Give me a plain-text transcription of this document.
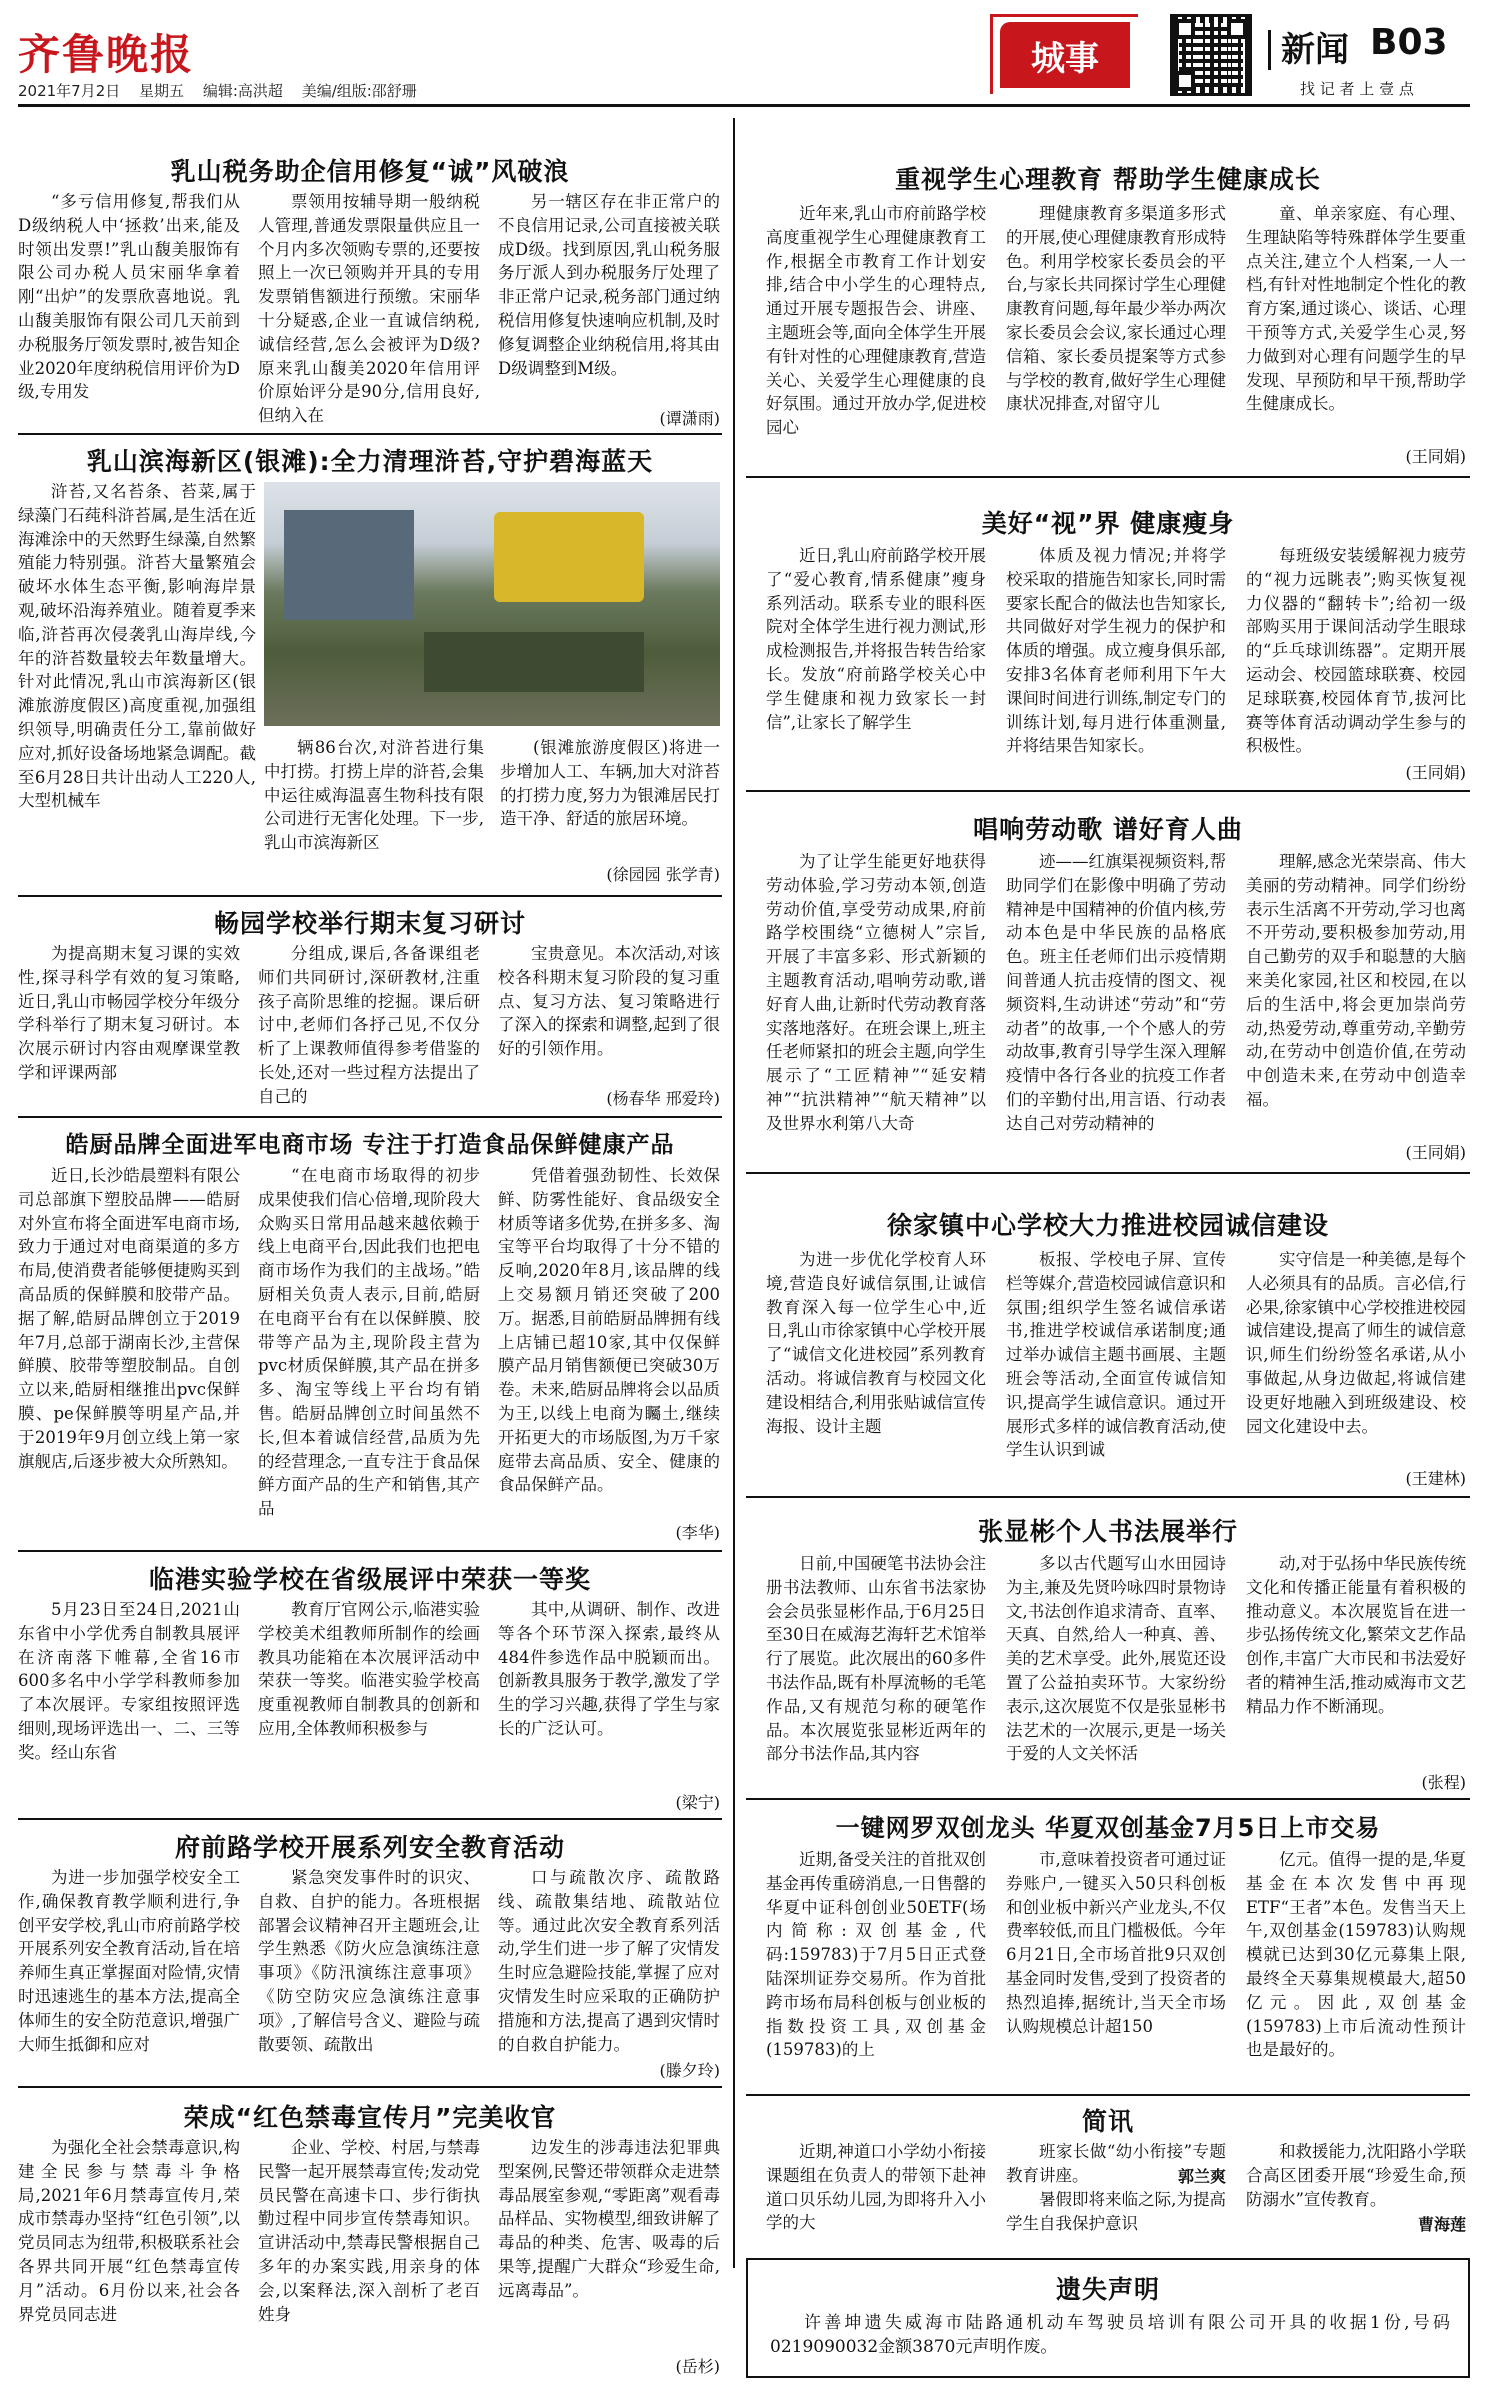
齐鲁晚报
2021年7月2日 星期五 编辑:高洪超 美编/组版:邵舒珊
城事	新闻 B03
找 记 者 上 壹 点
乳山税务助企信用修复“诚”风破浪

“多亏信用修复,帮我们从D级纳税人中‘拯救’出来,能及时领出发票!”乳山馥美服饰有限公司办税人员宋丽华拿着刚“出炉”的发票欣喜地说。乳山馥美服饰有限公司几天前到办税服务厅领发票时,被告知企业2020年度纳税信用评价为D级,专用发

票领用按辅导期一般纳税人管理,普通发票限量供应且一个月内多次领购专票的,还要按照上一次已领购并开具的专用发票销售额进行预缴。宋丽华十分疑惑,企业一直诚信纳税,诚信经营,怎么会被评为D级?原来乳山馥美2020年信用评价原始评分是90分,信用良好,但纳入在

另一辖区存在非正常户的不良信用记录,公司直接被关联成D级。找到原因,乳山税务服务厅派人到办税服务厅处理了非正常户记录,税务部门通过纳税信用修复快速响应机制,及时修复调整企业纳税信用,将其由D级调整到M级。

(谭潇雨)
乳山滨海新区(银滩):全力清理浒苔,守护碧海蓝天

浒苔,又名苔条、苔菜,属于绿藻门石莼科浒苔属,是生活在近海滩涂中的天然野生绿藻,自然繁殖能力特别强。浒苔大量繁殖会破坏水体生态平衡,影响海岸景观,破坏沿海养殖业。随着夏季来临,浒苔再次侵袭乳山海岸线,今年的浒苔数量较去年数量增大。针对此情况,乳山市滨海新区(银滩旅游度假区)高度重视,加强组织领导,明确责任分工,靠前做好应对,抓好设备场地紧急调配。截至6月28日共计出动人工220人,大型机械车

辆86台次,对浒苔进行集中打捞。打捞上岸的浒苔,会集中运往威海温喜生物科技有限公司进行无害化处理。下一步,乳山市滨海新区

(银滩旅游度假区)将进一步增加人工、车辆,加大对浒苔的打捞力度,努力为银滩居民打造干净、舒适的旅居环境。

(徐园园 张学青)
畅园学校举行期末复习研讨

为提高期末复习课的实效性,探寻科学有效的复习策略,近日,乳山市畅园学校分年级分学科举行了期末复习研讨。本次展示研讨内容由观摩课堂教学和评课两部

分组成,课后,各备课组老师们共同研讨,深研教材,注重孩子高阶思维的挖掘。课后研讨中,老师们各抒己见,不仅分析了上课教师值得参考借鉴的长处,还对一些过程方法提出了自己的

宝贵意见。本次活动,对该校各科期末复习阶段的复习重点、复习方法、复习策略进行了深入的探索和调整,起到了很好的引领作用。

(杨春华 邢爱玲)
皓厨品牌全面进军电商市场 专注于打造食品保鲜健康产品

近日,长沙皓晨塑料有限公司总部旗下塑胶品牌——皓厨对外宣布将全面进军电商市场,致力于通过对电商渠道的多方布局,使消费者能够便捷购买到高品质的保鲜膜和胶带产品。据了解,皓厨品牌创立于2019年7月,总部于湖南长沙,主营保鲜膜、胶带等塑胶制品。自创立以来,皓厨相继推出pvc保鲜膜、pe保鲜膜等明星产品,并于2019年9月创立线上第一家旗舰店,后逐步被大众所熟知。

“在电商市场取得的初步成果使我们信心倍增,现阶段大众购买日常用品越来越依赖于线上电商平台,因此我们也把电商市场作为我们的主战场。”皓厨相关负责人表示,目前,皓厨在电商平台有在以保鲜膜、胶带等产品为主,现阶段主营为pvc材质保鲜膜,其产品在拼多多、淘宝等线上平台均有销售。皓厨品牌创立时间虽然不长,但本着诚信经营,品质为先的经营理念,一直专注于食品保鲜方面产品的生产和销售,其产品

凭借着强劲韧性、长效保鲜、防雾性能好、食品级安全材质等诸多优势,在拼多多、淘宝等平台均取得了十分不错的反响,2020年8月,该品牌的线上交易额月销还突破了200万。据悉,目前皓厨品牌拥有线上店铺已超10家,其中仅保鲜膜产品月销售额便已突破30万卷。未来,皓厨品牌将会以品质为王,以线上电商为矚土,继续开拓更大的市场版图,为万千家庭带去高品质、安全、健康的食品保鲜产品。

(李华)
临港实验学校在省级展评中荣获一等奖

5月23日至24日,2021山东省中小学优秀自制教具展评在济南落下帷幕,全省16市600多名中小学学科教师参加了本次展评。专家组按照评选细则,现场评选出一、二、三等奖。经山东省

教育厅官网公示,临港实验学校美术组教师所制作的绘画教具功能箱在本次展评活动中荣获一等奖。临港实验学校高度重视教师自制教具的创新和应用,全体教师积极参与

其中,从调研、制作、改进等各个环节深入探索,最终从484件参选作品中脱颖而出。创新教具服务于教学,激发了学生的学习兴趣,获得了学生与家长的广泛认可。

(梁宁)
府前路学校开展系列安全教育活动

为进一步加强学校安全工作,确保教育教学顺利进行,争创平安学校,乳山市府前路学校开展系列安全教育活动,旨在培养师生真正掌握面对险情,灾情时迅速逃生的基本方法,提高全体师生的安全防范意识,增强广大师生抵御和应对

紧急突发事件时的识灾、自救、自护的能力。各班根据部署会议精神召开主题班会,让学生熟悉《防火应急演练注意事项》《防汛演练注意事项》《防空防灾应急演练注意事项》,了解信号含义、避险与疏散要领、疏散出

口与疏散次序、疏散路线、疏散集结地、疏散站位等。通过此次安全教育系列活动,学生们进一步了解了灾情发生时应急避险技能,掌握了应对灾情发生时应采取的正确防护措施和方法,提高了遇到灾情时的自救自护能力。

(滕夕玲)
荣成“红色禁毒宣传月”完美收官

为强化全社会禁毒意识,构建全民参与禁毒斗争格局,2021年6月禁毒宣传月,荣成市禁毒办坚持“红色引领”,以党员同志为纽带,积极联系社会各界共同开展“红色禁毒宣传月”活动。6月份以来,社会各界党员同志进

企业、学校、村居,与禁毒民警一起开展禁毒宣传;发动党员民警在高速卡口、步行街执勤过程中同步宣传禁毒知识。宣讲活动中,禁毒民警根据自己多年的办案实践,用亲身的体会,以案释法,深入剖析了老百姓身

边发生的涉毒违法犯罪典型案例,民警还带领群众走进禁毒品展室参观,“零距离”观看毒品样品、实物模型,细致讲解了毒品的种类、危害、吸毒的后果等,提醒广大群众“珍爱生命,远离毒品”。

(岳杉)
重视学生心理教育 帮助学生健康成长

近年来,乳山市府前路学校高度重视学生心理健康教育工作,根据全市教育工作计划安排,结合中小学生的心理特点,通过开展专题报告会、讲座、主题班会等,面向全体学生开展有针对性的心理健康教育,营造关心、关爱学生心理健康的良好氛围。通过开放办学,促进校园心

理健康教育多渠道多形式的开展,使心理健康教育形成特色。利用学校家长委员会的平台,与家长共同探讨学生心理健康教育问题,每年最少举办两次家长委员会会议,家长通过心理信箱、家长委员提案等方式参与学校的教育,做好学生心理健康状况排查,对留守儿

童、单亲家庭、有心理、生理缺陷等特殊群体学生要重点关注,建立个人档案,一人一档,有针对性地制定个性化的教育方案,通过谈心、谈话、心理干预等方式,关爱学生心灵,努力做到对心理有问题学生的早发现、早预防和早干预,帮助学生健康成长。

(王同娟)
美好“视”界 健康瘦身

近日,乳山府前路学校开展了“爱心教育,情系健康”瘦身系列活动。联系专业的眼科医院对全体学生进行视力测试,形成检测报告,并将报告转告给家长。发放“府前路学校关心中学生健康和视力致家长一封信”,让家长了解学生

体质及视力情况;并将学校采取的措施告知家长,同时需要家长配合的做法也告知家长,共同做好对学生视力的保护和体质的增强。成立瘦身俱乐部,安排3名体育老师利用下午大课间时间进行训练,制定专门的训练计划,每月进行体重测量,并将结果告知家长。

每班级安装缓解视力疲劳的“视力远眺表”;购买恢复视力仪器的“翻转卡”;给初一级部购买用于课间活动学生眼球的“乒乓球训练器”。定期开展运动会、校园篮球联赛、校园足球联赛,校园体育节,拔河比赛等体育活动调动学生参与的积极性。

(王同娟)
唱响劳动歌 谱好育人曲

为了让学生能更好地获得劳动体验,学习劳动本领,创造劳动价值,享受劳动成果,府前路学校围绕“立德树人”宗旨,开展了丰富多彩、形式新颖的主题教育活动,唱响劳动歌,谱好育人曲,让新时代劳动教育落实落地落好。在班会课上,班主任老师紧扣的班会主题,向学生展示了“工匠精神”“延安精神”“抗洪精神”“航天精神”以及世界水利第八大奇

迹——红旗渠视频资料,帮助同学们在影像中明确了劳动精神是中国精神的价值内核,劳动本色是中华民族的品格底色。班主任老师们出示疫情期间普通人抗击疫情的图文、视频资料,生动讲述“劳动”和“劳动者”的故事,一个个感人的劳动故事,教育引导学生深入理解疫情中各行各业的抗疫工作者们的辛勤付出,用言语、行动表达自己对劳动精神的

理解,感念光荣崇高、伟大美丽的劳动精神。同学们纷纷表示生活离不开劳动,学习也离不开劳动,要积极参加劳动,用自己勤劳的双手和聪慧的大脑来美化家园,社区和校园,在以后的生活中,将会更加崇尚劳动,热爱劳动,尊重劳动,辛勤劳动,在劳动中创造价值,在劳动中创造未来,在劳动中创造幸福。

(王同娟)
徐家镇中心学校大力推进校园诚信建设

为进一步优化学校育人环境,营造良好诚信氛围,让诚信教育深入每一位学生心中,近日,乳山市徐家镇中心学校开展了“诚信文化进校园”系列教育活动。将诚信教育与校园文化建设相结合,利用张贴诚信宣传海报、设计主题

板报、学校电子屏、宣传栏等媒介,营造校园诚信意识和氛围;组织学生签名诚信承诺书,推进学校诚信承诺制度;通过举办诚信主题书画展、主题班会等活动,全面宣传诚信知识,提高学生诚信意识。通过开展形式多样的诚信教育活动,使学生认识到诚

实守信是一种美德,是每个人必须具有的品质。言必信,行必果,徐家镇中心学校推进校园诚信建设,提高了师生的诚信意识,师生们纷纷签名承诺,从小事做起,从身边做起,将诚信建设更好地融入到班级建设、校园文化建设中去。

(王建林)
张显彬个人书法展举行

日前,中国硬笔书法协会注册书法教师、山东省书法家协会会员张显彬作品,于6月25日至30日在威海艺海轩艺术馆举行了展览。此次展出的60多件书法作品,既有朴厚流畅的毛笔作品,又有规范匀称的硬笔作品。本次展览张显彬近两年的部分书法作品,其内容

多以古代题写山水田园诗为主,兼及先贤吟咏四时景物诗文,书法创作追求清奇、直率、天真、自然,给人一种真、善、美的艺术享受。此外,展览还设置了公益拍卖环节。大家纷纷表示,这次展览不仅是张显彬书法艺术的一次展示,更是一场关于爱的人文关怀活

动,对于弘扬中华民族传统文化和传播正能量有着积极的推动意义。本次展览旨在进一步弘扬传统文化,繁荣文艺作品创作,丰富广大市民和书法爱好者的精神生活,推动威海市文艺精品力作不断涌现。

(张程)
一键网罗双创龙头 华夏双创基金7月5日上市交易

近期,备受关注的首批双创基金再传重磅消息,一日售罄的华夏中证科创创业50ETF(场内简称:双创基金,代码:159783)于7月5日正式登陆深圳证券交易所。作为首批跨市场布局科创板与创业板的指数投资工具,双创基金(159783)的上

市,意味着投资者可通过证券账户,一键买入50只科创板和创业板中新兴产业龙头,不仅费率较低,而且门槛极低。今年6月21日,全市场首批9只双创基金同时发售,受到了投资者的热烈追捧,据统计,当天全市场认购规模总计超150

亿元。值得一提的是,华夏基金在本次发售中再现ETF“王者”本色。发售当天上午,双创基金(159783)认购规模就已达到30亿元募集上限,最终全天募集规模最大,超50亿元。因此,双创基金(159783)上市后流动性预计也是最好的。

简讯

近期,神道口小学幼小衔接课题组在负责人的带领下赴神道口贝乐幼儿园,为即将升入小学的大

班家长做“幼小衔接”专题教育讲座。	郭兰爽

暑假即将来临之际,为提高学生自我保护意识

和救援能力,沈阳路小学联合高区团委开展“珍爱生命,预防溺水”宣传教育。

曹海莲
遗失声明

许善坤遗失威海市陆路通机动车驾驶员培训有限公司开具的收据1份,号码0219090032金额3870元声明作废。
